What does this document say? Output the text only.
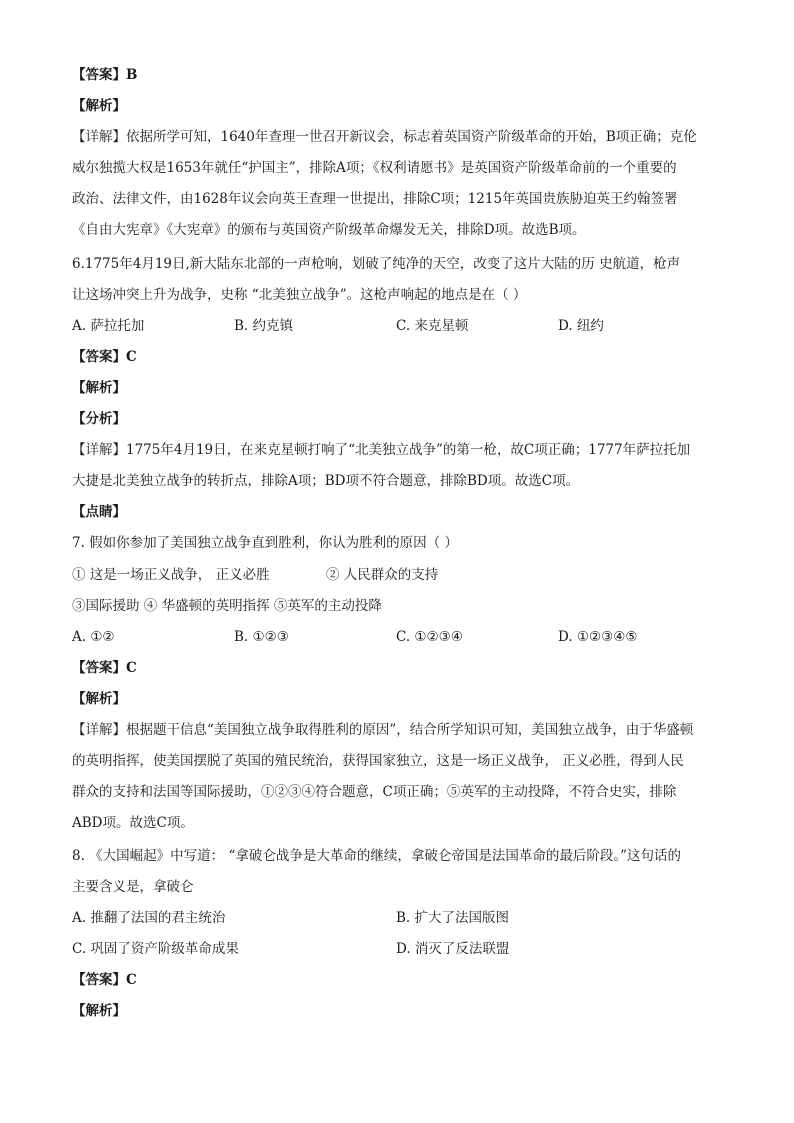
【答案】B
【解析】
【详解】依据所学可知，1640年查理一世召开新议会，标志着英国资产阶级革命的开始，B项正确；克伦
威尔独揽大权是1653年就任“护国主”，排除A项；《权利请愿书》是英国资产阶级革命前的一个重要的
政治、法律文件，由1628年议会向英王查理一世提出，排除C项；1215年英国贵族胁迫英王约翰签署
《自由大宪章》《大宪章》的颁布与英国资产阶级革命爆发无关，排除D项。故选B项。
6.1775年4月19日,新大陆东北部的一声枪响，划破了纯净的天空，改变了这片大陆的历 史航道，枪声
让这场冲突上升为战争，史称 “北美独立战争”。这枪声响起的地点是在（ ）
A. 萨拉托加	B. 约克镇	C. 来克星顿	D. 纽约
【答案】C
【解析】
【分析】
【详解】1775年4月19日，在来克星顿打响了“北美独立战争”的第一枪，故C项正确；1777年萨拉托加
大捷是北美独立战争的转折点，排除A项；BD项不符合题意，排除BD项。故选C项。
【点睛】
7. 假如你参加了美国独立战争直到胜利，你认为胜利的原因（ ）
① 这是一场正义战争， 正义必胜	② 人民群众的支持
③国际援助 ④ 华盛顿的英明指挥 ⑤英军的主动投降
A. ①②	B. ①②③	C. ①②③④	D. ①②③④⑤
【答案】C
【解析】
【详解】根据题干信息“美国独立战争取得胜利的原因”，结合所学知识可知，美国独立战争，由于华盛顿
的英明指挥，使美国摆脱了英国的殖民统治，获得国家独立，这是一场正义战争， 正义必胜，得到人民
群众的支持和法国等国际援助，①②③④符合题意，C项正确；⑤英军的主动投降，不符合史实，排除
ABD项。故选C项。
8. 《大国崛起》中写道： “拿破仑战争是大革命的继续，拿破仑帝国是法国革命的最后阶段。”这句话的
主要含义是，拿破仑
A. 推翻了法国的君主统治	B. 扩大了法国版图
C. 巩固了资产阶级革命成果	D. 消灭了反法联盟
【答案】C
【解析】
